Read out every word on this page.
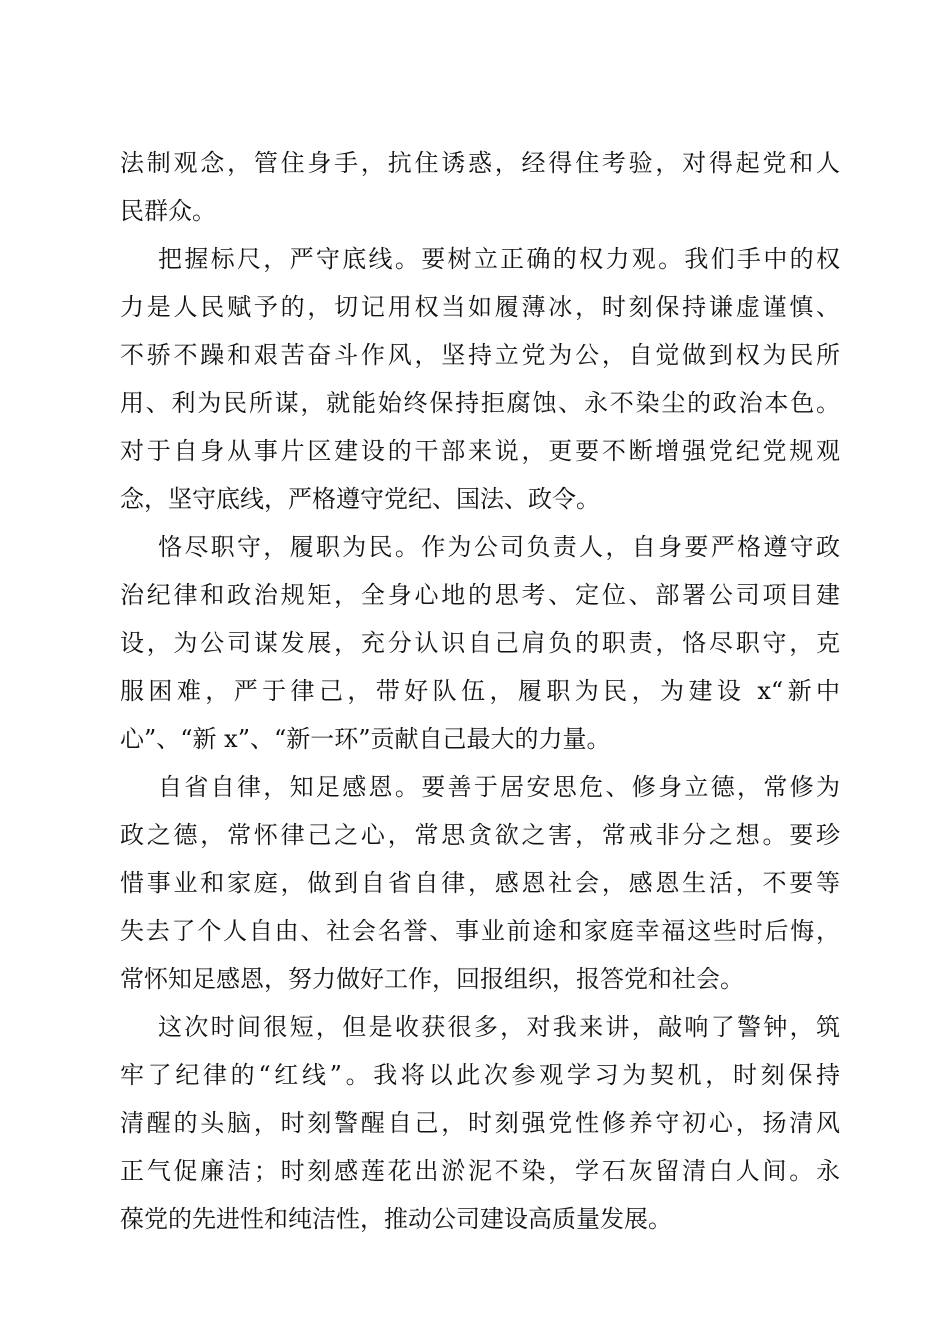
法制观念，管住身手，抗住诱惑，经得住考验，对得起党和人
民群众。
把握标尺，严守底线。要树立正确的权力观。我们手中的权
力是人民赋予的，切记用权当如履薄冰，时刻保持谦虚谨慎、
不骄不躁和艰苦奋斗作风，坚持立党为公，自觉做到权为民所
用、利为民所谋，就能始终保持拒腐蚀、永不染尘的政治本色。
对于自身从事片区建设的干部来说，更要不断增强党纪党规观
念，坚守底线，严格遵守党纪、国法、政令。
恪尽职守，履职为民。作为公司负责人，自身要严格遵守政
治纪律和政治规矩，全身心地的思考、定位、部署公司项目建
设，为公司谋发展，充分认识自己肩负的职责，恪尽职守，克
服困难，严于律己，带好队伍，履职为民，为建设 x“新中
心”、“新 x”、“新一环”贡献自己最大的力量。
自省自律，知足感恩。要善于居安思危、修身立德，常修为
政之德，常怀律己之心，常思贪欲之害，常戒非分之想。要珍
惜事业和家庭，做到自省自律，感恩社会，感恩生活，不要等
失去了个人自由、社会名誉、事业前途和家庭幸福这些时后悔，
常怀知足感恩，努力做好工作，回报组织，报答党和社会。
这次时间很短，但是收获很多，对我来讲，敲响了警钟，筑
牢了纪律的“红线”。我将以此次参观学习为契机，时刻保持
清醒的头脑，时刻警醒自己，时刻强党性修养守初心，扬清风
正气促廉洁；时刻感莲花出淤泥不染，学石灰留清白人间。永
葆党的先进性和纯洁性，推动公司建设高质量发展。
